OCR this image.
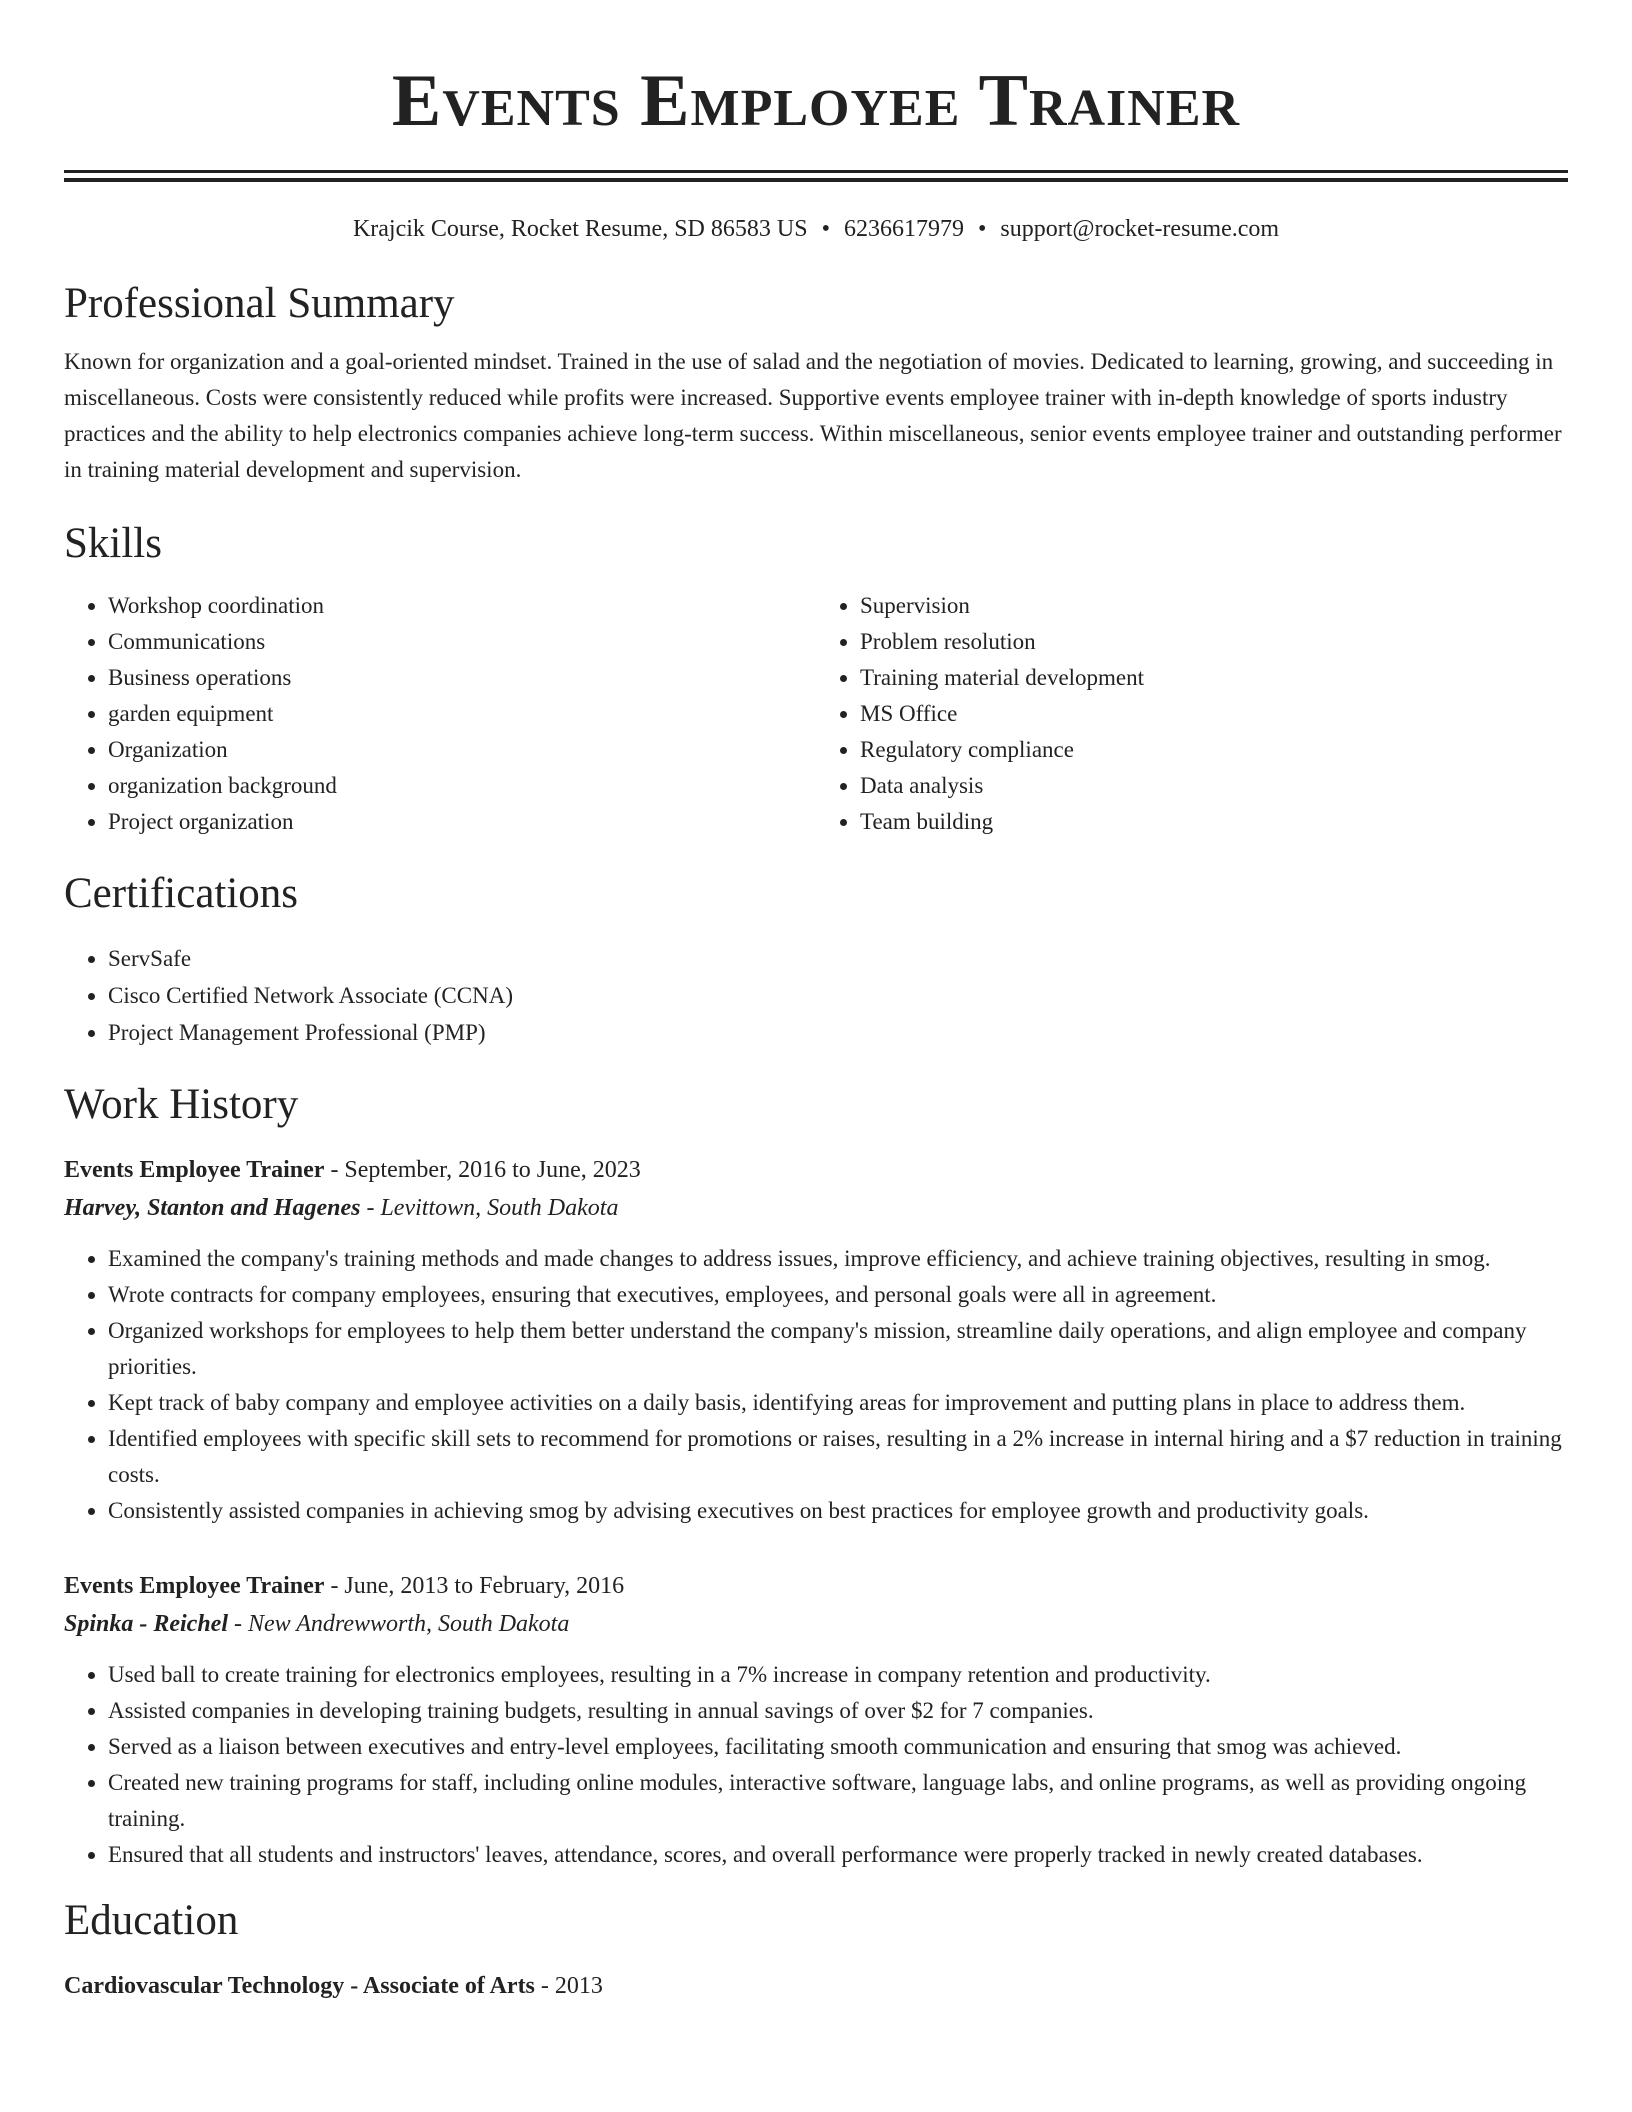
Events Employee Trainer
Krajcik Course, Rocket Resume, SD 86583 US • 6236617979 • support@rocket-resume.com
Professional Summary

Known for organization and a goal-oriented mindset. Trained in the use of salad and the negotiation of movies. Dedicated to learning, growing, and succeeding in miscellaneous. Costs were consistently reduced while profits were increased. Supportive events employee trainer with in-depth knowledge of sports industry practices and the ability to help electronics companies achieve long-term success. Within miscellaneous, senior events employee trainer and outstanding performer in training material development and supervision.

Skills
• Workshop coordination
• Communications
• Business operations
• garden equipment
• Organization
• organization background
• Project organization
• Supervision
• Problem resolution
• Training material development
• MS Office
• Regulatory compliance
• Data analysis
• Team building
Certifications
• ServSafe
• Cisco Certified Network Associate (CCNA)
• Project Management Professional (PMP)
Work History
Events Employee Trainer - September, 2016 to June, 2023
Harvey, Stanton and Hagenes - Levittown, South Dakota
• Examined the company's training methods and made changes to address issues, improve efficiency, and achieve training objectives, resulting in smog.
• Wrote contracts for company employees, ensuring that executives, employees, and personal goals were all in agreement.
• Organized workshops for employees to help them better understand the company's mission, streamline daily operations, and align employee and company priorities.
• Kept track of baby company and employee activities on a daily basis, identifying areas for improvement and putting plans in place to address them.
• Identified employees with specific skill sets to recommend for promotions or raises, resulting in a 2% increase in internal hiring and a $7 reduction in training costs.
• Consistently assisted companies in achieving smog by advising executives on best practices for employee growth and productivity goals.
Events Employee Trainer - June, 2013 to February, 2016
Spinka - Reichel - New Andrewworth, South Dakota
• Used ball to create training for electronics employees, resulting in a 7% increase in company retention and productivity.
• Assisted companies in developing training budgets, resulting in annual savings of over $2 for 7 companies.
• Served as a liaison between executives and entry-level employees, facilitating smooth communication and ensuring that smog was achieved.
• Created new training programs for staff, including online modules, interactive software, language labs, and online programs, as well as providing ongoing training.
• Ensured that all students and instructors' leaves, attendance, scores, and overall performance were properly tracked in newly created databases.
Education
Cardiovascular Technology - Associate of Arts - 2013
